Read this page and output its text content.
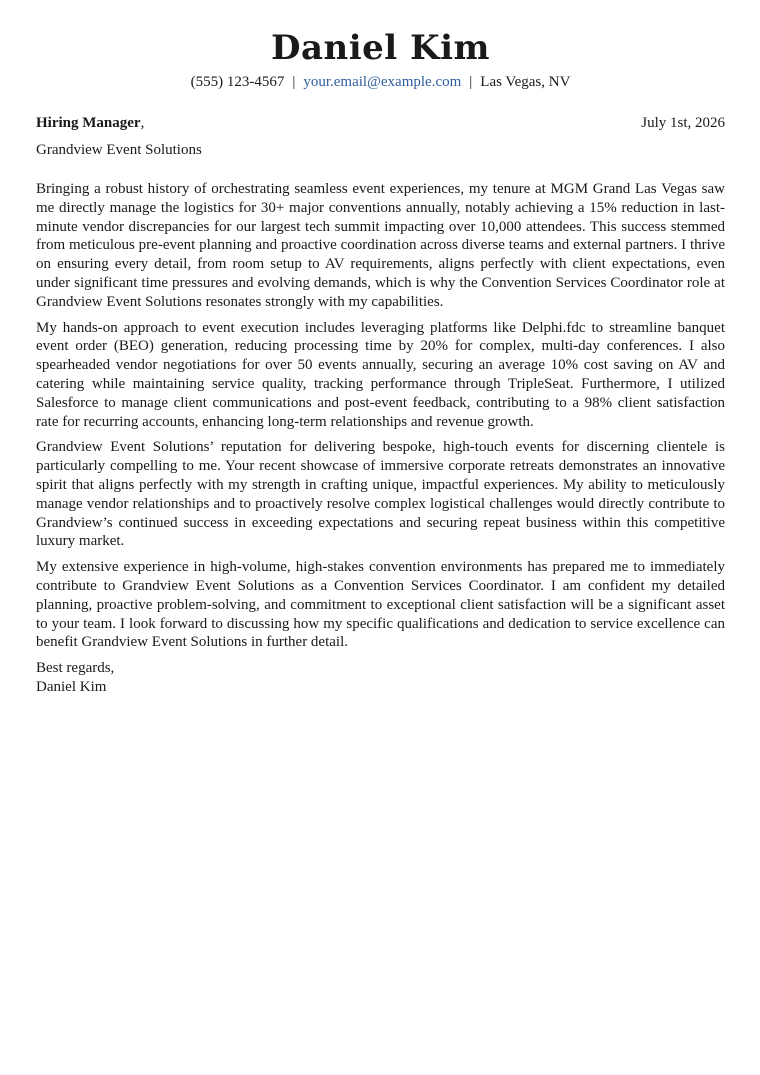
Daniel Kim
(555) 123-4567 | your.email@example.com | Las Vegas, NV
Hiring Manager,	July 1st, 2026
Grandview Event Solutions

Bringing a robust history of orchestrating seamless event experiences, my tenure at MGM Grand Las Vegas saw me directly manage the logistics for 30+ major conventions annually, notably achieving a 15% reduction in last-minute vendor discrepancies for our largest tech summit impacting over 10,000 attendees. This success stemmed from meticulous pre-event planning and proactive coordination across diverse teams and external partners. I thrive on ensuring every detail, from room setup to AV requirements, aligns perfectly with client expectations, even under significant time pressures and evolving demands, which is why the Convention Services Coordinator role at Grandview Event Solutions resonates strongly with my capabilities.

My hands-on approach to event execution includes leveraging platforms like Delphi.fdc to streamline banquet event order (BEO) generation, reducing processing time by 20% for complex, multi-day conferences. I also spearheaded vendor negotiations for over 50 events annually, securing an average 10% cost saving on AV and catering while maintaining service quality, tracking performance through TripleSeat. Furthermore, I utilized Salesforce to manage client communications and post-event feedback, contributing to a 98% client satisfaction rate for recurring accounts, enhancing long-term relationships and revenue growth.

Grandview Event Solutions’ reputation for delivering bespoke, high-touch events for discerning clientele is particularly compelling to me. Your recent showcase of immersive corporate retreats demonstrates an innovative spirit that aligns perfectly with my strength in crafting unique, impactful experiences. My ability to meticulously manage vendor relationships and to proactively resolve complex logistical challenges would directly contribute to Grandview’s continued success in exceeding expectations and securing repeat business within this competitive luxury market.

My extensive experience in high-volume, high-stakes convention environments has prepared me to immediately contribute to Grandview Event Solutions as a Convention Services Coordinator. I am confident my detailed planning, proactive problem-solving, and commitment to exceptional client satisfaction will be a significant asset to your team. I look forward to discussing how my specific qualifications and dedication to service excellence can benefit Grandview Event Solutions in further detail.

Best regards,
Daniel Kim
